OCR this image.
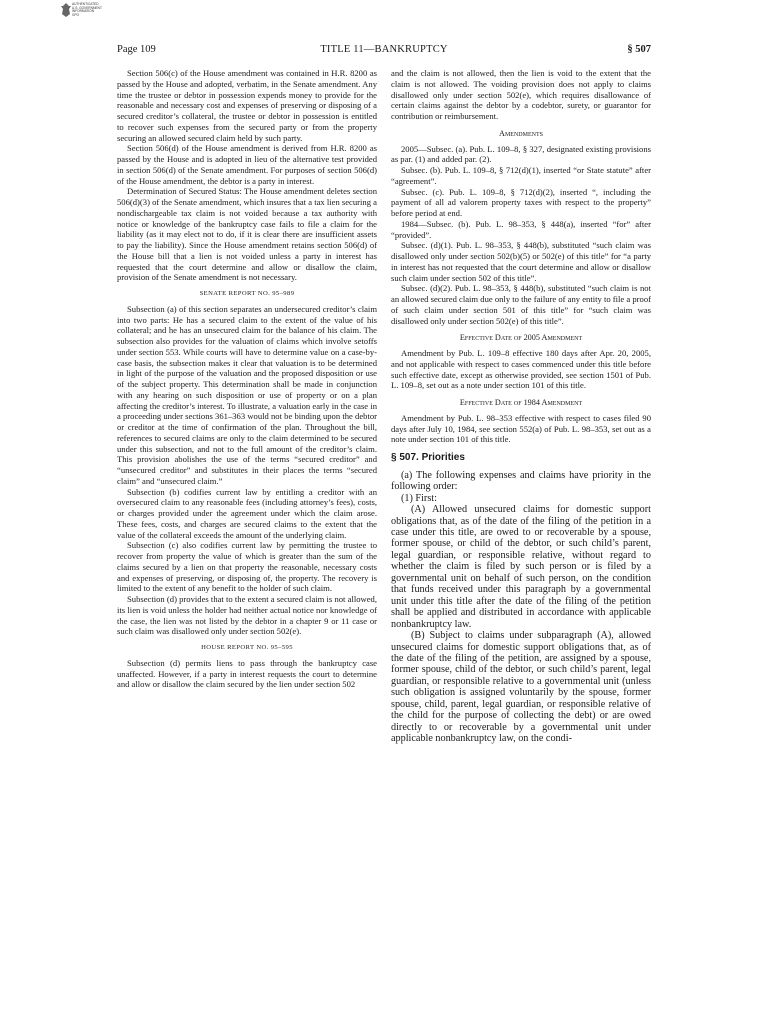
AUTHENTICATED
U.S. GOVERNMENT
INFORMATION
GPO
Page 109	TITLE 11—BANKRUPTCY	§ 507

Section 506(c) of the House amendment was contained in H.R. 8200 as passed by the House and adopted, verbatim, in the Senate amendment. Any time the trustee or debtor in possession expends money to provide for the reasonable and necessary cost and expenses of preserving or disposing of a secured creditor’s collateral, the trustee or debtor in possession is entitled to recover such expenses from the secured party or from the property securing an allowed secured claim held by such party.

Section 506(d) of the House amendment is derived from H.R. 8200 as passed by the House and is adopted in lieu of the alternative test provided in section 506(d) of the Senate amendment. For purposes of section 506(d) of the House amendment, the debtor is a party in interest.

Determination of Secured Status: The House amendment deletes section 506(d)(3) of the Senate amendment, which insures that a tax lien securing a nondischargeable tax claim is not voided because a tax authority with notice or knowledge of the bankruptcy case fails to file a claim for the liability (as it may elect not to do, if it is clear there are insufficient assets to pay the liability). Since the House amendment retains section 506(d) of the House bill that a lien is not voided unless a party in interest has requested that the court determine and allow or disallow the claim, provision of the Senate amendment is not necessary.

SENATE REPORT NO. 95–989

Subsection (a) of this section separates an undersecured creditor’s claim into two parts: He has a secured claim to the extent of the value of his collateral; and he has an unsecured claim for the balance of his claim. The subsection also provides for the valuation of claims which involve setoffs under section 553. While courts will have to determine value on a case-by-case basis, the subsection makes it clear that valuation is to be determined in light of the purpose of the valuation and the proposed disposition or use of the subject property. This determination shall be made in conjunction with any hearing on such disposition or use of property or on a plan affecting the creditor’s interest. To illustrate, a valuation early in the case in a proceeding under sections 361–363 would not be binding upon the debtor or creditor at the time of confirmation of the plan. Throughout the bill, references to secured claims are only to the claim determined to be secured under this subsection, and not to the full amount of the creditor’s claim. This provision abolishes the use of the terms “secured creditor” and “unsecured creditor” and substitutes in their places the terms “secured claim” and “unsecured claim.”

Subsection (b) codifies current law by entitling a creditor with an oversecured claim to any reasonable fees (including attorney’s fees), costs, or charges provided under the agreement under which the claim arose. These fees, costs, and charges are secured claims to the extent that the value of the collateral exceeds the amount of the underlying claim.

Subsection (c) also codifies current law by permitting the trustee to recover from property the value of which is greater than the sum of the claims secured by a lien on that property the reasonable, necessary costs and expenses of preserving, or disposing of, the property. The recovery is limited to the extent of any benefit to the holder of such claim.

Subsection (d) provides that to the extent a secured claim is not allowed, its lien is void unless the holder had neither actual notice nor knowledge of the case, the lien was not listed by the debtor in a chapter 9 or 11 case or such claim was disallowed only under section 502(e).

HOUSE REPORT NO. 95–595

Subsection (d) permits liens to pass through the bankruptcy case unaffected. However, if a party in interest requests the court to determine and allow or disallow the claim secured by the lien under section 502

and the claim is not allowed, then the lien is void to the extent that the claim is not allowed. The voiding provision does not apply to claims disallowed only under section 502(e), which requires disallowance of certain claims against the debtor by a codebtor, surety, or guarantor for contribution or reimbursement.

Amendments

2005—Subsec. (a). Pub. L. 109–8, § 327, designated existing provisions as par. (1) and added par. (2).

Subsec. (b). Pub. L. 109–8, § 712(d)(1), inserted “or State statute” after “agreement”.

Subsec. (c). Pub. L. 109–8, § 712(d)(2), inserted “, including the payment of all ad valorem property taxes with respect to the property” before period at end.

1984—Subsec. (b). Pub. L. 98–353, § 448(a), inserted “for” after “provided”.

Subsec. (d)(1). Pub. L. 98–353, § 448(b), substituted “such claim was disallowed only under section 502(b)(5) or 502(e) of this title” for “a party in interest has not requested that the court determine and allow or disallow such claim under section 502 of this title”.

Subsec. (d)(2). Pub. L. 98–353, § 448(b), substituted “such claim is not an allowed secured claim due only to the failure of any entity to file a proof of such claim under section 501 of this title” for “such claim was disallowed only under section 502(e) of this title”.

Effective Date of 2005 Amendment

Amendment by Pub. L. 109–8 effective 180 days after Apr. 20, 2005, and not applicable with respect to cases commenced under this title before such effective date, except as otherwise provided, see section 1501 of Pub. L. 109–8, set out as a note under section 101 of this title.

Effective Date of 1984 Amendment

Amendment by Pub. L. 98–353 effective with respect to cases filed 90 days after July 10, 1984, see section 552(a) of Pub. L. 98–353, set out as a note under section 101 of this title.

§ 507. Priorities

(a) The following expenses and claims have priority in the following order:

(1) First:

(A) Allowed unsecured claims for domestic support obligations that, as of the date of the filing of the petition in a case under this title, are owed to or recoverable by a spouse, former spouse, or child of the debtor, or such child’s parent, legal guardian, or responsible relative, without regard to whether the claim is filed by such person or is filed by a governmental unit on behalf of such person, on the condition that funds received under this paragraph by a governmental unit under this title after the date of the filing of the petition shall be applied and distributed in accordance with applicable nonbankruptcy law.

(B) Subject to claims under subparagraph (A), allowed unsecured claims for domestic support obligations that, as of the date of the filing of the petition, are assigned by a spouse, former spouse, child of the debtor, or such child’s parent, legal guardian, or responsible relative to a governmental unit (unless such obligation is assigned voluntarily by the spouse, former spouse, child, parent, legal guardian, or responsible relative of the child for the purpose of collecting the debt) or are owed directly to or recoverable by a governmental unit under applicable nonbankruptcy law, on the condi-
